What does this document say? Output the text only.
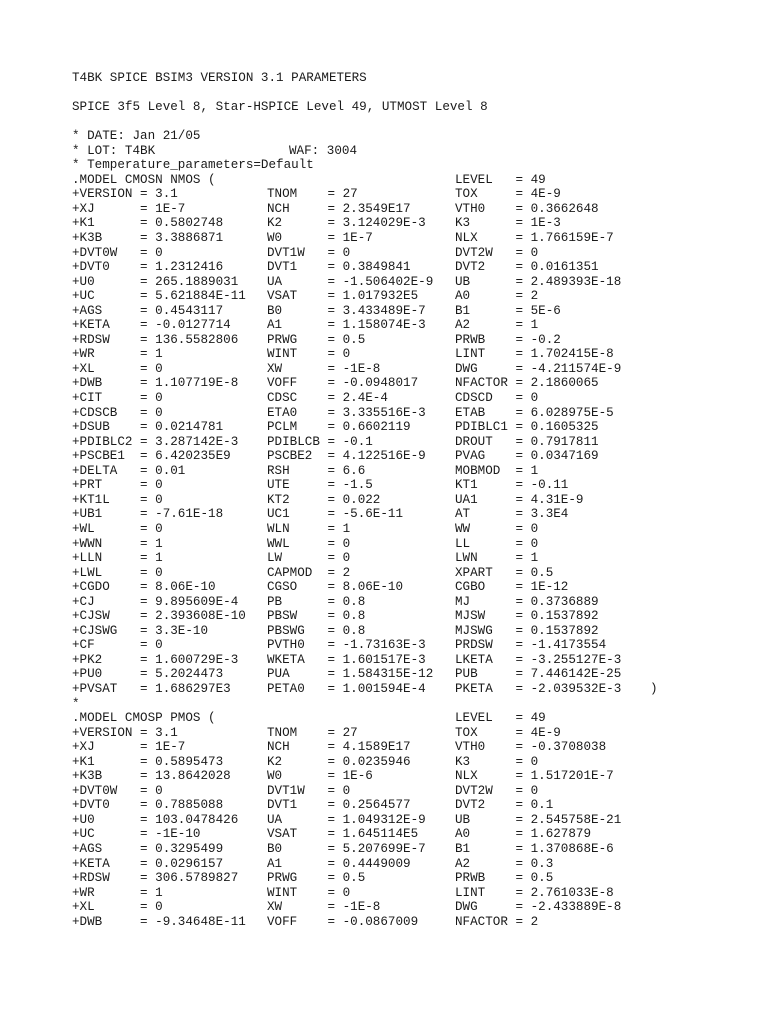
T4BK SPICE BSIM3 VERSION 3.1 PARAMETERS
SPICE 3f5 Level 8, Star-HSPICE Level 49, UTMOST Level 8
* DATE: Jan 21/05

* LOT: T4BK

	WAF: 3004

* Temperature_parameters=Default

.MODEL CMOSN NMOS (

	LEVEL   = 49

+VERSION = 3.1	TNOM    = 27	TOX     = 4E-9
+XJ      = 1E-7	NCH     = 2.3549E17	VTH0    = 0.3662648
+K1      = 0.5802748	K2      = 3.124029E-3 K3      = 1E-3
+K3B     = 3.3886871	W0      = 1E-7	NLX     = 1.766159E-7
+DVT0W   = 0	DVT1W   = 0	DVT2W   = 0
+DVT0    = 1.2312416	DVT1    = 0.3849841	DVT2    = 0.0161351
+U0      = 265.1889031 UA      = -1.506402E-9 UB      = 2.489393E-18
+UC      = 5.621884E-11 VSAT    = 1.017932E5	A0      = 2
+AGS     = 0.4543117	B0      = 3.433489E-7 B1      = 5E-6
+KETA    = -0.0127714	A1      = 1.158074E-3 A2      = 1
+RDSW    = 136.5582806 PRWG    = 0.5	PRWB    = -0.2
+WR      = 1	WINT    = 0	LINT    = 1.702415E-8
+XL      = 0	XW      = -1E-8	DWG     = -4.211574E-9
+DWB     = 1.107719E-8 VOFF    = -0.0948017	NFACTOR = 2.1860065
+CIT     = 0	CDSC    = 2.4E-4	CDSCD   = 0
+CDSCB   = 0	ETA0    = 3.335516E-3 ETAB    = 6.028975E-5
+DSUB    = 0.0214781	PCLM    = 0.6602119	PDIBLC1 = 0.1605325
+PDIBLC2 = 3.287142E-3 PDIBLCB = -0.1	DROUT   = 0.7917811
+PSCBE1  = 6.420235E9	PSCBE2  = 4.122516E-9 PVAG    = 0.0347169
+DELTA   = 0.01	RSH     = 6.6	MOBMOD  = 1
+PRT     = 0	UTE     = -1.5	KT1     = -0.11
+KT1L    = 0	KT2     = 0.022	UA1     = 4.31E-9
+UB1     = -7.61E-18	UC1     = -5.6E-11	AT      = 3.3E4
+WL      = 0	WLN     = 1	WW      = 0
+WWN     = 1	WWL     = 0	LL      = 0
+LLN     = 1	LW      = 0	LWN     = 1
+LWL     = 0	CAPMOD  = 2	XPART   = 0.5
+CGDO    = 8.06E-10	CGSO    = 8.06E-10	CGBO    = 1E-12
+CJ      = 9.895609E-4 PB      = 0.8	MJ      = 0.3736889
+CJSW    = 2.393608E-10 PBSW    = 0.8	MJSW    = 0.1537892
+CJSWG   = 3.3E-10	PBSWG   = 0.8	MJSWG   = 0.1537892
+CF      = 0	PVTH0   = -1.73163E-3 PRDSW   = -1.4173554
+PK2     = 1.600729E-3 WKETA   = 1.601517E-3 LKETA   = -3.255127E-3
+PU0     = 5.2024473	PUA     = 1.584315E-12 PUB     = 7.446142E-25
+PVSAT   = 1.686297E3	PETA0   = 1.001594E-4 PKETA   = -2.039532E-3 )
*

.MODEL CMOSP PMOS (

	LEVEL   = 49

+VERSION = 3.1	TNOM    = 27	TOX     = 4E-9
+XJ      = 1E-7	NCH     = 4.1589E17	VTH0    = -0.3708038
+K1      = 0.5895473	K2      = 0.0235946	K3      = 0
+K3B     = 13.8642028	W0      = 1E-6	NLX     = 1.517201E-7
+DVT0W   = 0	DVT1W   = 0	DVT2W   = 0
+DVT0    = 0.7885088	DVT1    = 0.2564577	DVT2    = 0.1
+U0      = 103.0478426 UA      = 1.049312E-9 UB      = 2.545758E-21
+UC      = -1E-10	VSAT    = 1.645114E5	A0      = 1.627879
+AGS     = 0.3295499	B0      = 5.207699E-7 B1      = 1.370868E-6
+KETA    = 0.0296157	A1      = 0.4449009	A2      = 0.3
+RDSW    = 306.5789827 PRWG    = 0.5	PRWB    = 0.5
+WR      = 1	WINT    = 0	LINT    = 2.761033E-8
+XL      = 0	XW      = -1E-8	DWG     = -2.433889E-8
+DWB     = -9.34648E-11 VOFF    = -0.0867009	NFACTOR = 2
